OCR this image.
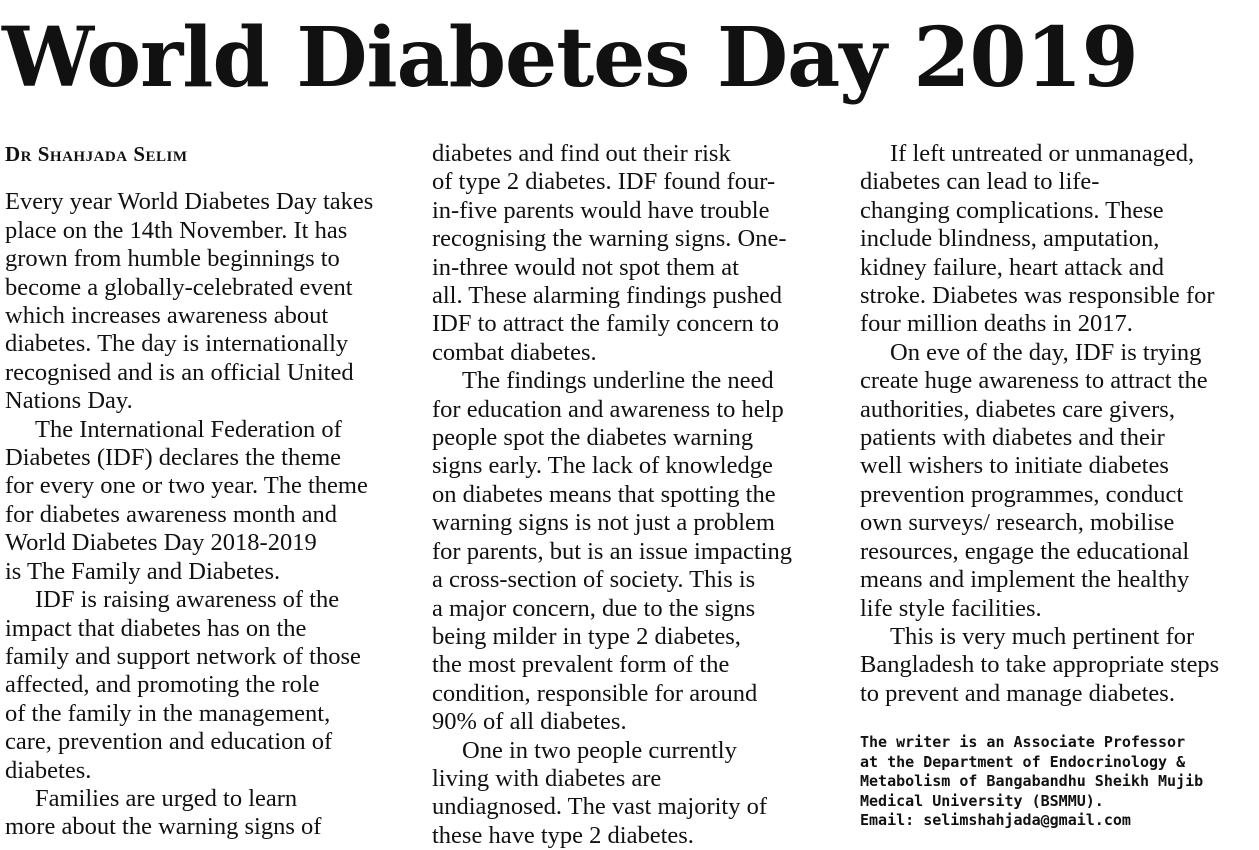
World Diabetes Day 2019
Dr Shahjada Selim
Every year World Diabetes Day takes
place on the 14th November. It has
grown from humble beginnings to
become a globally-celebrated event
which increases awareness about
diabetes. The day is internationally
recognised and is an official United
Nations Day.
The International Federation of
Diabetes (IDF) declares the theme
for every one or two year. The theme
for diabetes awareness month and
World Diabetes Day 2018-2019
is The Family and Diabetes.
IDF is raising awareness of the
impact that diabetes has on the
family and support network of those
affected, and promoting the role
of the family in the management,
care, prevention and education of
diabetes.
Families are urged to learn
more about the warning signs of
diabetes and find out their risk
of type 2 diabetes. IDF found four-
in-five parents would have trouble
recognising the warning signs. One-
in-three would not spot them at
all. These alarming findings pushed
IDF to attract the family concern to
combat diabetes.
The findings underline the need
for education and awareness to help
people spot the diabetes warning
signs early. The lack of knowledge
on diabetes means that spotting the
warning signs is not just a problem
for parents, but is an issue impacting
a cross-section of society. This is
a major concern, due to the signs
being milder in type 2 diabetes,
the most prevalent form of the
condition, responsible for around
90% of all diabetes.
One in two people currently
living with diabetes are
undiagnosed. The vast majority of
these have type 2 diabetes.
If left untreated or unmanaged,
diabetes can lead to life-
changing complications. These
include blindness, amputation,
kidney failure, heart attack and
stroke. Diabetes was responsible for
four million deaths in 2017.
On eve of the day, IDF is trying
create huge awareness to attract the
authorities, diabetes care givers,
patients with diabetes and their
well wishers to initiate diabetes
prevention programmes, conduct
own surveys/ research, mobilise
resources, engage the educational
means and implement the healthy
life style facilities.
This is very much pertinent for
Bangladesh to take appropriate steps
to prevent and manage diabetes.
The writer is an Associate Professor
at the Department of Endocrinology &
Metabolism of Bangabandhu Sheikh Mujib
Medical University (BSMMU).
Email: selimshahjada@gmail.com
